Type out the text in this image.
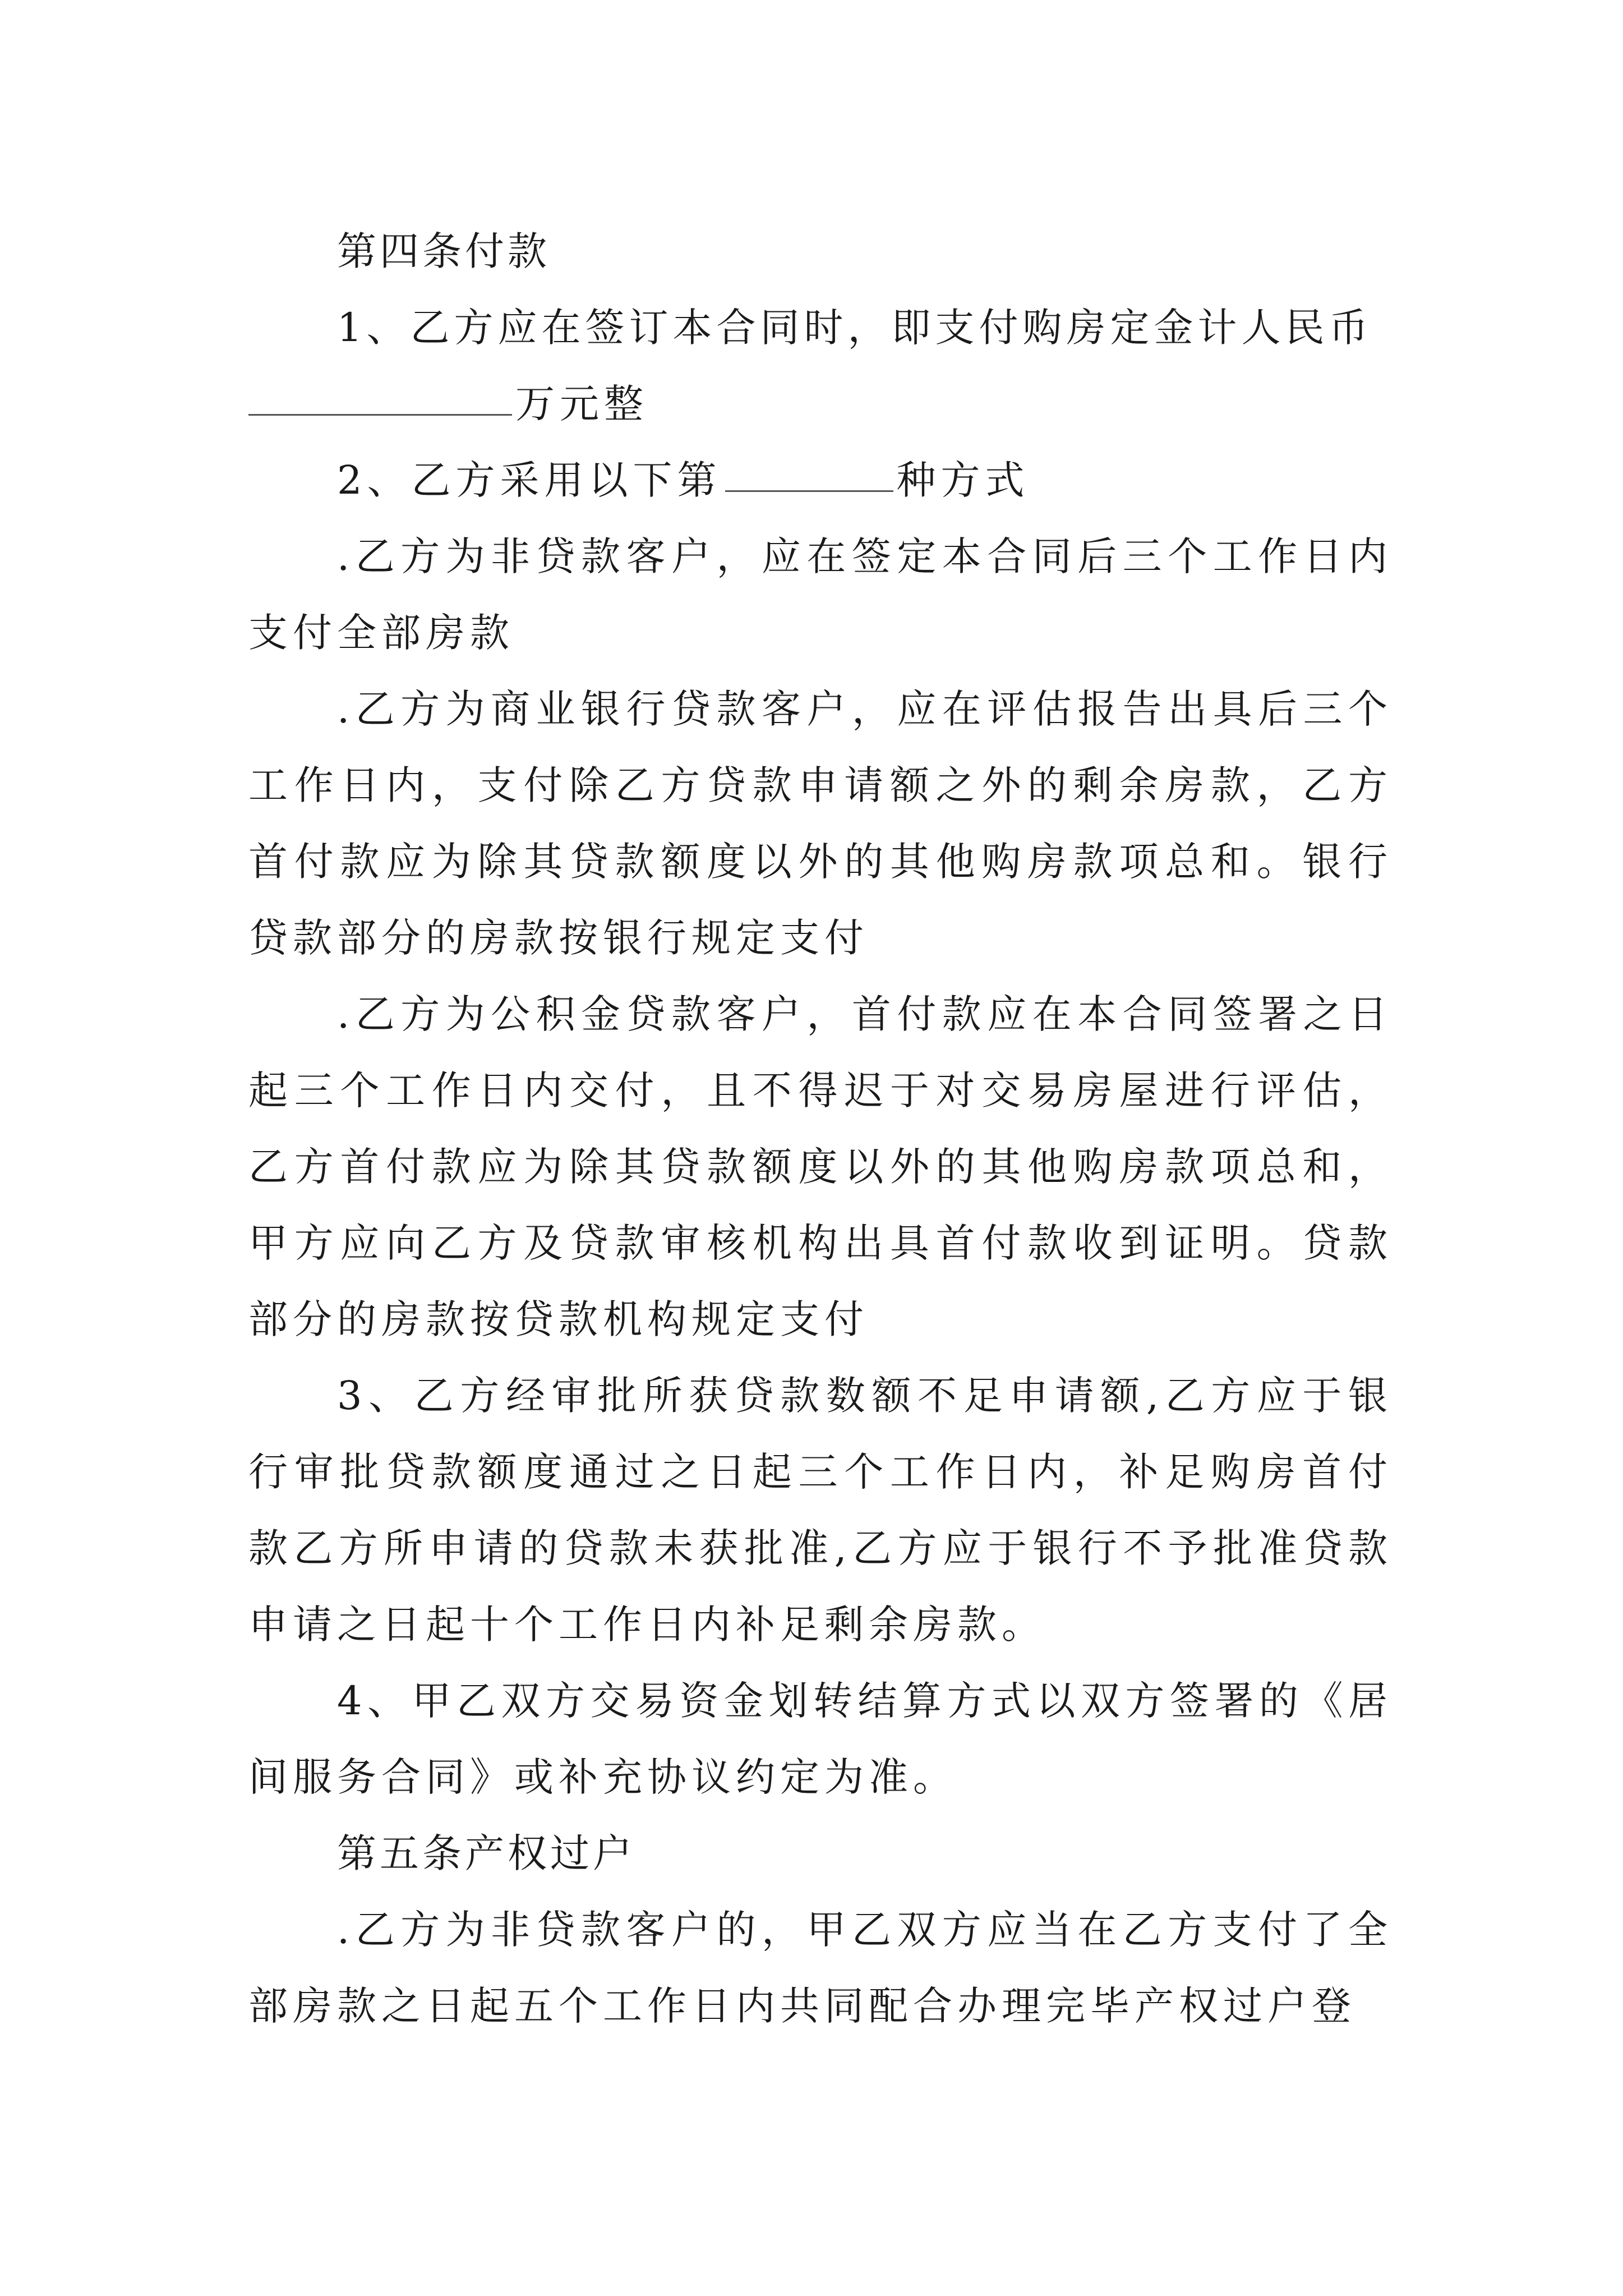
第四条付款

1、乙方应在签订本合同时，即支付购房定金计人民币

万元整

2、乙方采用以下第	种方式

.乙方为非贷款客户，应在签定本合同后三个工作日内支付全部房款

.乙方为商业银行贷款客户，应在评估报告出具后三个工作日内，支付除乙方贷款申请额之外的剩余房款，乙方首付款应为除其贷款额度以外的其他购房款项总和。银行贷款部分的房款按银行规定支付

.乙方为公积金贷款客户，首付款应在本合同签署之日起三个工作日内交付，且不得迟于对交易房屋进行评估，乙方首付款应为除其贷款额度以外的其他购房款项总和，甲方应向乙方及贷款审核机构出具首付款收到证明。贷款部分的房款按贷款机构规定支付

3、乙方经审批所获贷款数额不足申请额,乙方应于银行审批贷款额度通过之日起三个工作日内，补足购房首付款乙方所申请的贷款未获批准,乙方应于银行不予批准贷款申请之日起十个工作日内补足剩余房款。

4、甲乙双方交易资金划转结算方式以双方签署的《居间服务合同》或补充协议约定为准。

第五条产权过户

.乙方为非贷款客户的，甲乙双方应当在乙方支付了全部房款之日起五个工作日内共同配合办理完毕产权过户登
